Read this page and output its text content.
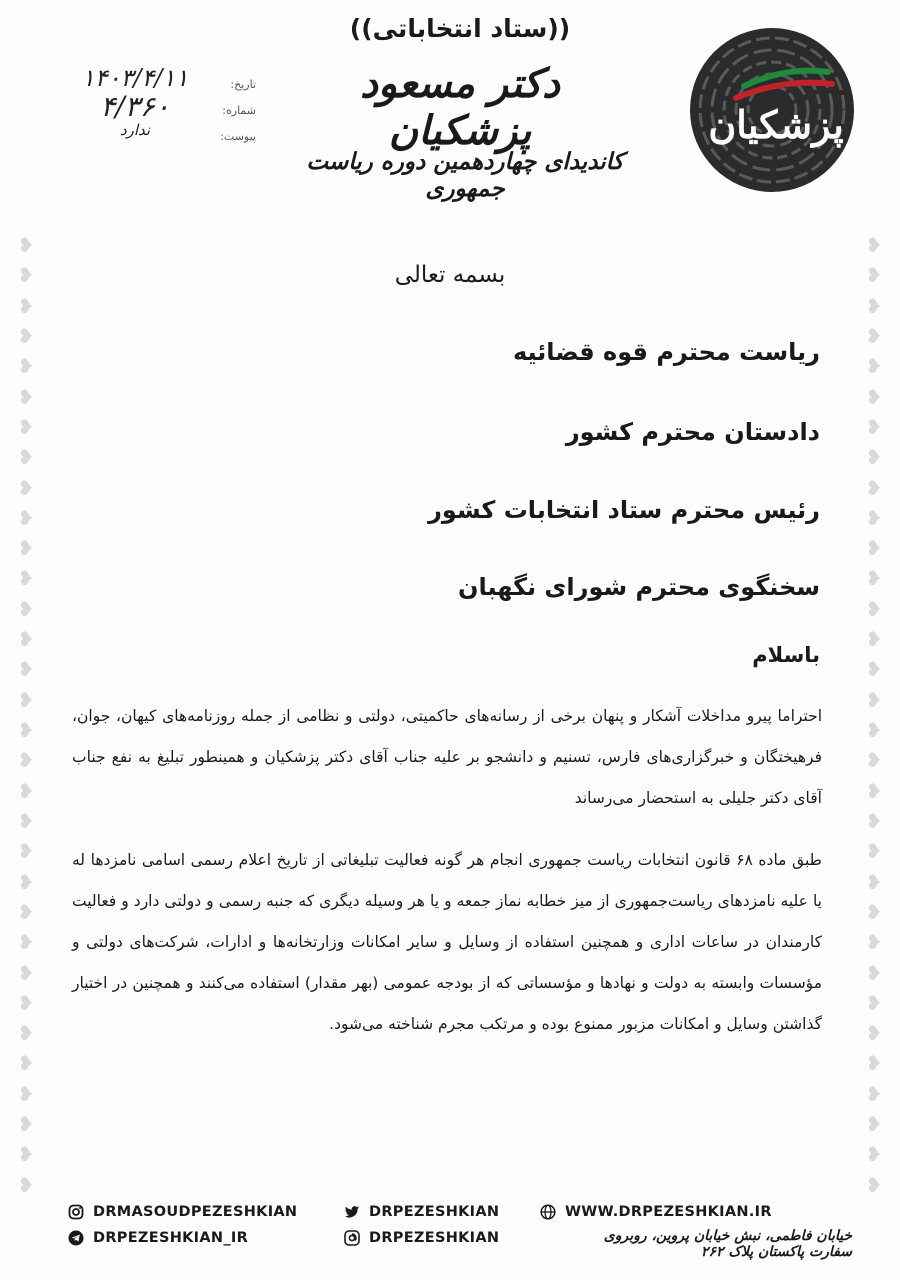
❥
❥
❥
❥
❥
❥
❥
❥
❥
❥
❥
❥
❥
❥
❥
❥
❥
❥
❥
❥
❥
❥
❥
❥
❥
❥
❥
❥
❥
❥
❥
❥
❥
❥
❥
❥
❥
❥
❥
❥
❥
❥
❥
❥
❥
❥
❥
❥
❥
❥
❥
❥
❥
❥
❥
❥
❥
❥
❥
❥
❥
❥
❥
❥
((ستاد انتخاباتی))
دکتر مسعود پزشکیان
کاندیدای چهاردهمین دوره ریاست جمهوری
تاریخ:
شماره:
پیوست:
۱۴۰۳/۴/۱۱
۴/۳۶۰
ندارد	پزشکیان
بسمه تعالی
ریاست محترم قوه قضائیه
دادستان محترم کشور
رئیس محترم ستاد انتخابات کشور
سخنگوی محترم شورای نگهبان
باسلام
احتراما پیرو مداخلات آشکار و پنهان برخی از رسانه‌های حاکمیتی، دولتی و نظامی از جمله روزنامه‌های کیهان، جوان، فرهیختگان و خبرگزاری‌های فارس، تسنیم و دانشجو بر علیه جناب آقای دکتر پزشکیان و همینطور تبلیغ به نفع جناب آقای دکتر جلیلی به استحضار می‌رساند
طبق ماده ۶۸ قانون انتخابات ریاست جمهوری انجام هر گونه فعالیت تبلیغاتی از تاریخ اعلام رسمی اسامی نامزدها له یا علیه نامزدهای ریاست‌جمهوری از میز خطابه نماز جمعه و یا هر وسیله دیگری که جنبه رسمی و دولتی دارد و فعالیت کارمندان در ساعات اداری و همچنین استفاده از وسایل و سایر امکانات وزارتخانه‌ها و ادارات، شرکت‌های دولتی و مؤسسات وابسته به دولت و نهادها و مؤسساتی که از بودجه عمومی (بهر مقدار) استفاده می‌کنند و همچنین در اختیار گذاشتن وسایل و امکانات مزبور ممنوع بوده و مرتکب مجرم شناخته می‌شود.
DRMASOUDPEZESHKIAN
DRPEZESHKIAN_IR
DRPEZESHKIAN
DRPEZESHKIAN
WWW.DRPEZESHKIAN.IR
خیابان فاطمی، نبش خیابان پروین، روبروی سفارت پاکستان پلاک ۲۶۲
